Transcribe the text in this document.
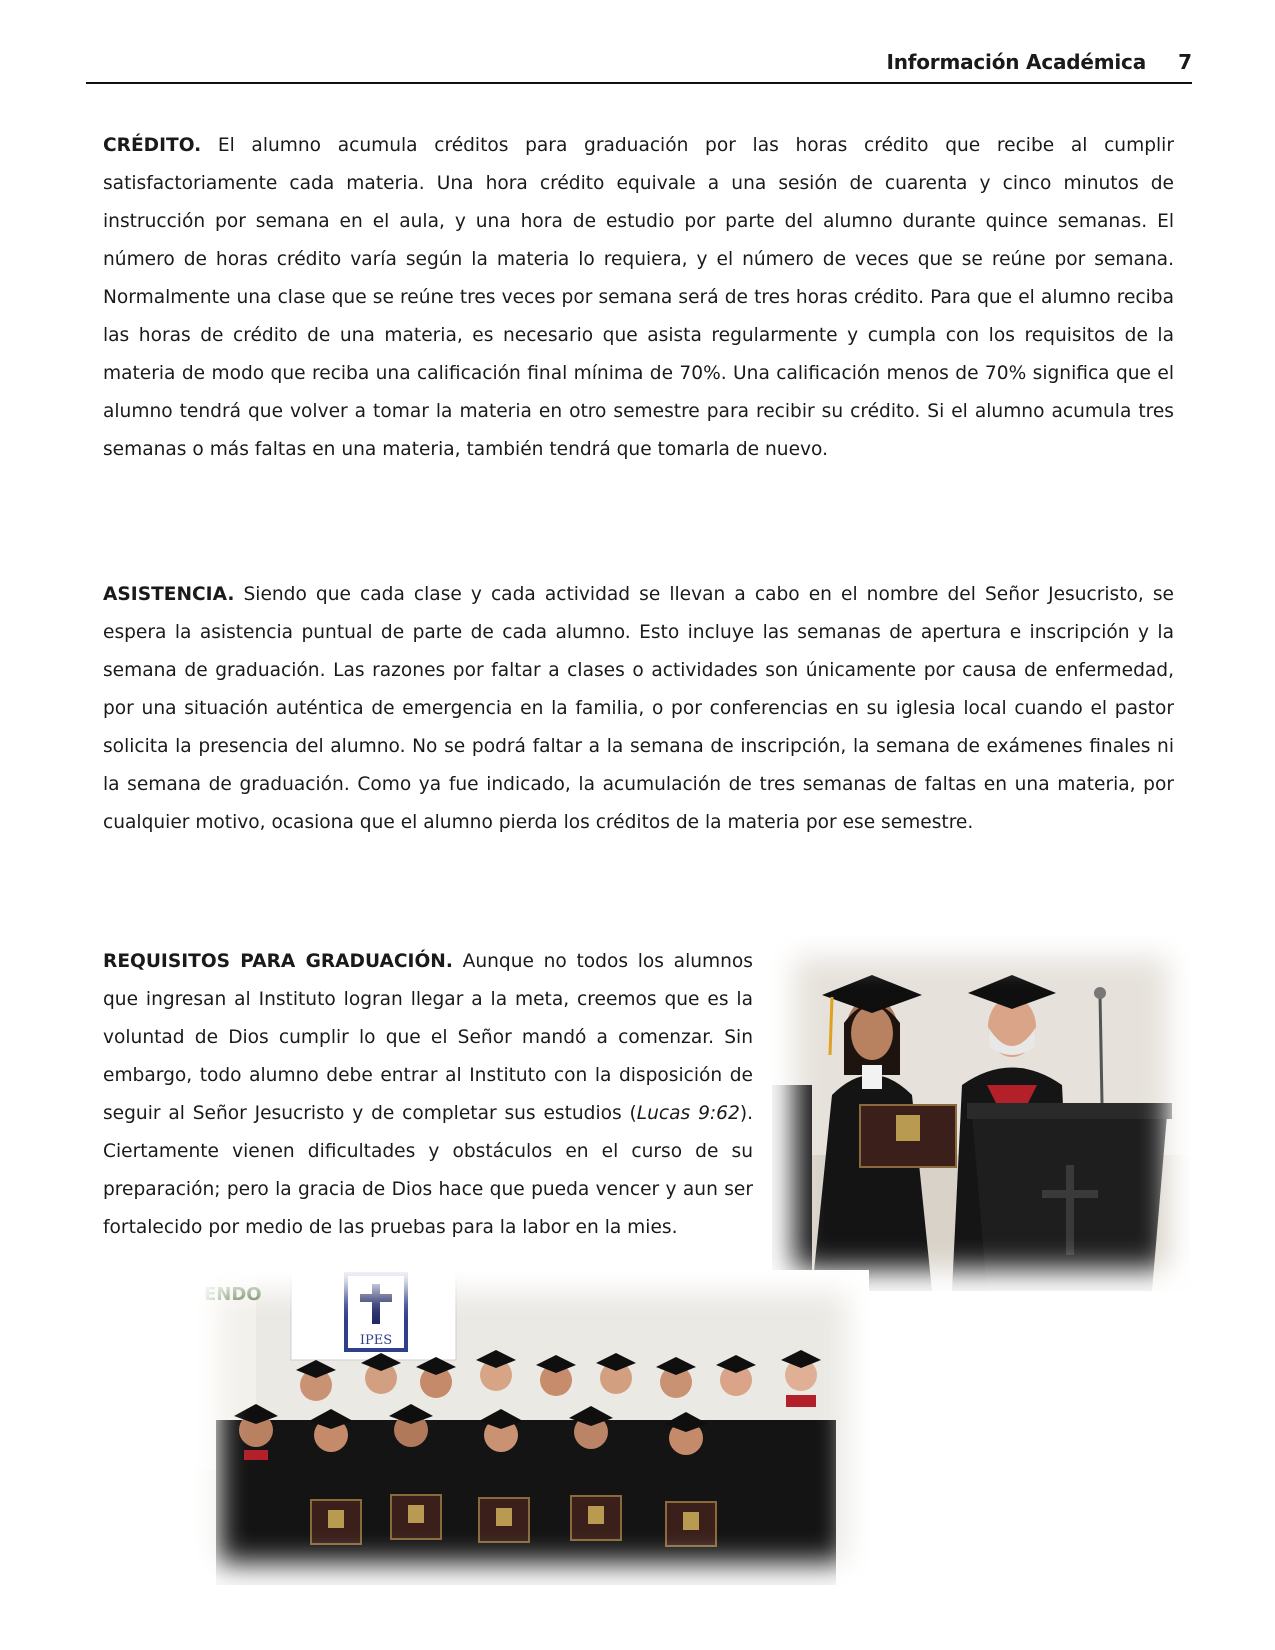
Información Académica 7

CRÉDITO. El alumno acumula créditos para graduación por las horas crédito que recibe al cumplir satisfactoriamente cada materia. Una hora crédito equivale a una sesión de cuarenta y cinco minutos de instrucción por semana en el aula, y una hora de estudio por parte del alumno durante quince semanas. El número de horas crédito varía según la materia lo requiera, y el número de veces que se reúne por semana. Normalmente una clase que se reúne tres veces por semana será de tres horas crédito. Para que el alumno reciba las horas de crédito de una materia, es necesario que asista regularmente y cumpla con los requisitos de la materia de modo que reciba una calificación final mínima de 70%. Una calificación menos de 70% significa que el alumno tendrá que volver a tomar la materia en otro semestre para recibir su crédito. Si el alumno acumula tres semanas o más faltas en una materia, también tendrá que tomarla de nuevo.

ASISTENCIA. Siendo que cada clase y cada actividad se llevan a cabo en el nombre del Señor Jesucristo, se espera la asistencia puntual de parte de cada alumno. Esto incluye las semanas de apertura e inscripción y la semana de graduación. Las razones por faltar a clases o actividades son únicamente por causa de enfermedad, por una situación auténtica de emergencia en la familia, o por conferencias en su iglesia local cuando el pastor solicita la presencia del alumno. No se podrá faltar a la semana de inscripción, la semana de exámenes finales ni la semana de graduación. Como ya fue indicado, la acumulación de tres semanas de faltas en una materia, por cualquier motivo, ocasiona que el alumno pierda los créditos de la materia por ese semestre.

REQUISITOS PARA GRADUACIÓN. Aunque no todos los alumnos que ingresan al Instituto logran llegar a la meta, creemos que es la voluntad de Dios cumplir lo que el Señor mandó a comenzar. Sin embargo, todo alumno debe entrar al Instituto con la disposición de seguir al Señor Jesucristo y de completar sus estudios (Lucas 9:62). Ciertamente vienen dificultades y obstáculos en el curso de su preparación; pero la gracia de Dios hace que pueda vencer y aun ser fortalecido por medio de las pruebas para la labor en la mies.

ENDO
IPES
